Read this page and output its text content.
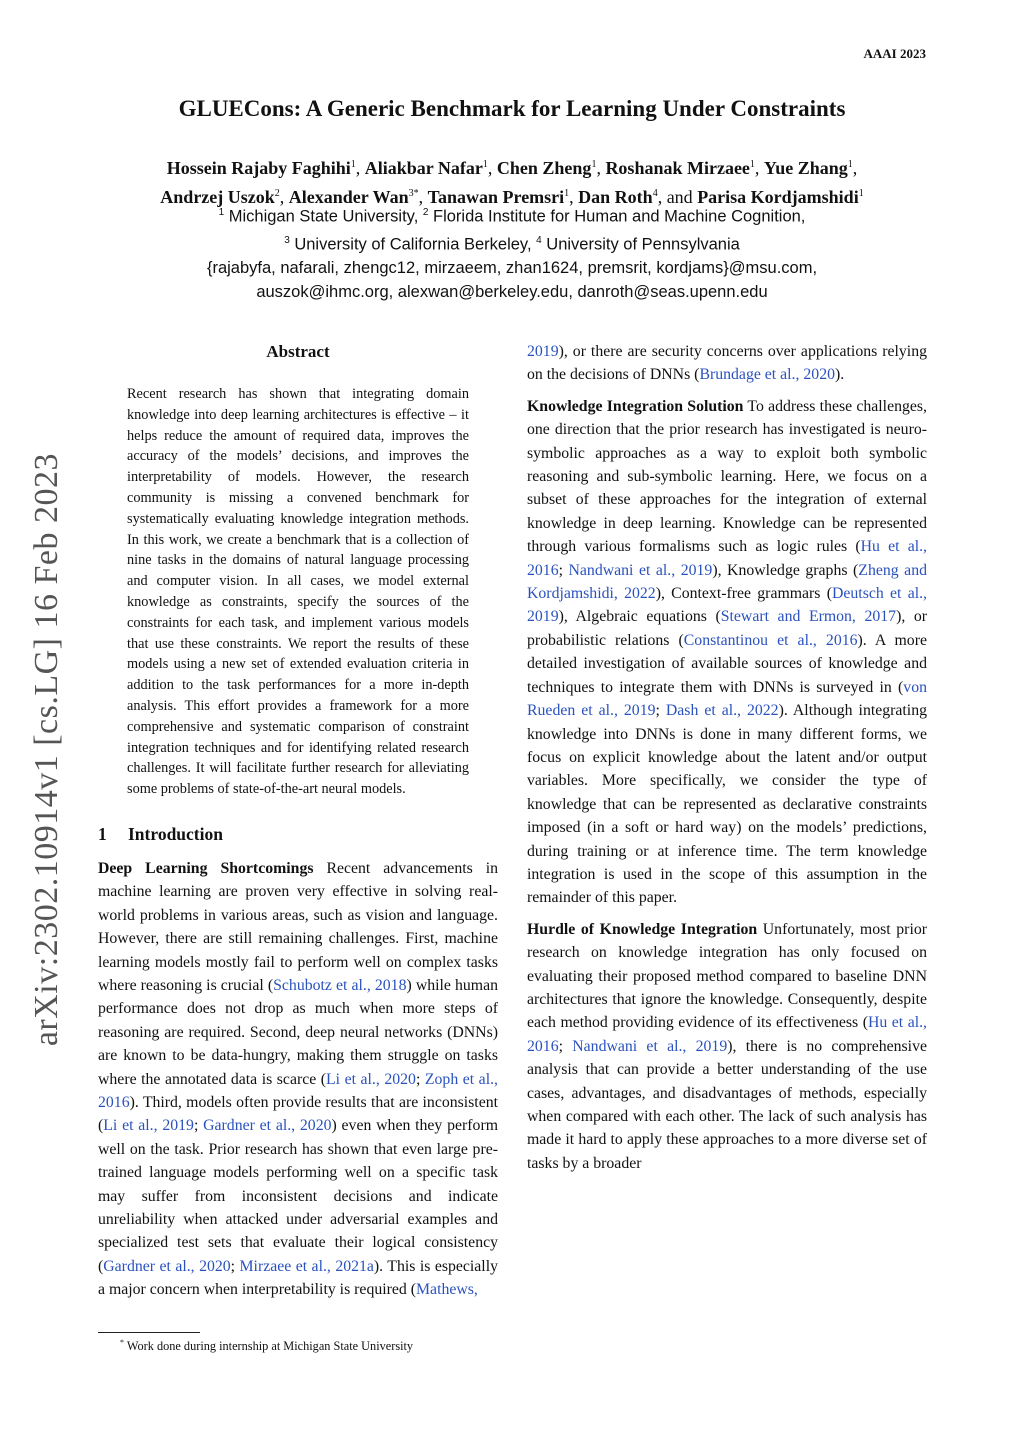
AAAI 2023
arXiv:2302.10914v1 [cs.LG] 16 Feb 2023
GLUECons: A Generic Benchmark for Learning Under Constraints
Hossein Rajaby Faghihi$^1$, Aliakbar Nafar$^1$, Chen Zheng$^1$, Roshanak Mirzaee$^1$, Yue Zhang$^1$,
Andrzej Uszok$^2$, Alexander Wan$^{3*}$, Tanawan Premsri$^1$, Dan Roth$^4$, and Parisa Kordjamshidi$^1$
$^1$ Michigan State University, $^2$ Florida Institute for Human and Machine Cognition,
$^3$ University of California Berkeley, $^4$ University of Pennsylvania
{rajabyfa, nafarali, zhengc12, mirzaeem, zhan1624, premsrit, kordjams}@msu.com,
auszok@ihmc.org, alexwan@berkeley.edu, danroth@seas.upenn.edu
Abstract
Recent research has shown that integrating domain knowledge into deep learning architectures is effective – it helps reduce the amount of required data, improves the accuracy of the models’ decisions, and improves the interpretability of models. However, the research community is missing a convened benchmark for systematically evaluating knowledge integration methods. In this work, we create a benchmark that is a collection of nine tasks in the domains of natural language processing and computer vision. In all cases, we model external knowledge as constraints, specify the sources of the constraints for each task, and implement various models that use these constraints. We report the results of these models using a new set of extended evaluation criteria in addition to the task performances for a more in-depth analysis. This effort provides a framework for a more comprehensive and systematic comparison of constraint integration techniques and for identifying related research challenges. It will facilitate further research for alleviating some problems of state-of-the-art neural models.
1 Introduction

Deep Learning Shortcomings Recent advancements in machine learning are proven very effective in solving real-world problems in various areas, such as vision and language. However, there are still remaining challenges. First, machine learning models mostly fail to perform well on complex tasks where reasoning is crucial (Schubotz et al., 2018) while human performance does not drop as much when more steps of reasoning are required. Second, deep neural networks (DNNs) are known to be data-hungry, making them struggle on tasks where the annotated data is scarce (Li et al., 2020; Zoph et al., 2016). Third, models often provide results that are inconsistent (Li et al., 2019; Gardner et al., 2020) even when they perform well on the task. Prior research has shown that even large pre-trained language models performing well on a specific task may suffer from inconsistent decisions and indicate unreliability when attacked under adversarial examples and specialized test sets that evaluate their logical consistency (Gardner et al., 2020; Mirzaee et al., 2021a). This is especially a major concern when interpretability is required (Mathews,

2019), or there are security concerns over applications relying on the decisions of DNNs (Brundage et al., 2020).

Knowledge Integration Solution To address these challenges, one direction that the prior research has investigated is neuro-symbolic approaches as a way to exploit both symbolic reasoning and sub-symbolic learning. Here, we focus on a subset of these approaches for the integration of external knowledge in deep learning. Knowledge can be represented through various formalisms such as logic rules (Hu et al., 2016; Nandwani et al., 2019), Knowledge graphs (Zheng and Kordjamshidi, 2022), Context-free grammars (Deutsch et al., 2019), Algebraic equations (Stewart and Ermon, 2017), or probabilistic relations (Constantinou et al., 2016). A more detailed investigation of available sources of knowledge and techniques to integrate them with DNNs is surveyed in (von Rueden et al., 2019; Dash et al., 2022). Although integrating knowledge into DNNs is done in many different forms, we focus on explicit knowledge about the latent and/or output variables. More specifically, we consider the type of knowledge that can be represented as declarative constraints imposed (in a soft or hard way) on the models’ predictions, during training or at inference time. The term knowledge integration is used in the scope of this assumption in the remainder of this paper.

Hurdle of Knowledge Integration Unfortunately, most prior research on knowledge integration has only focused on evaluating their proposed method compared to baseline DNN architectures that ignore the knowledge. Consequently, despite each method providing evidence of its effectiveness (Hu et al., 2016; Nandwani et al., 2019), there is no comprehensive analysis that can provide a better understanding of the use cases, advantages, and disadvantages of methods, especially when compared with each other. The lack of such analysis has made it hard to apply these approaches to a more diverse set of tasks by a broader

* Work done during internship at Michigan State University
